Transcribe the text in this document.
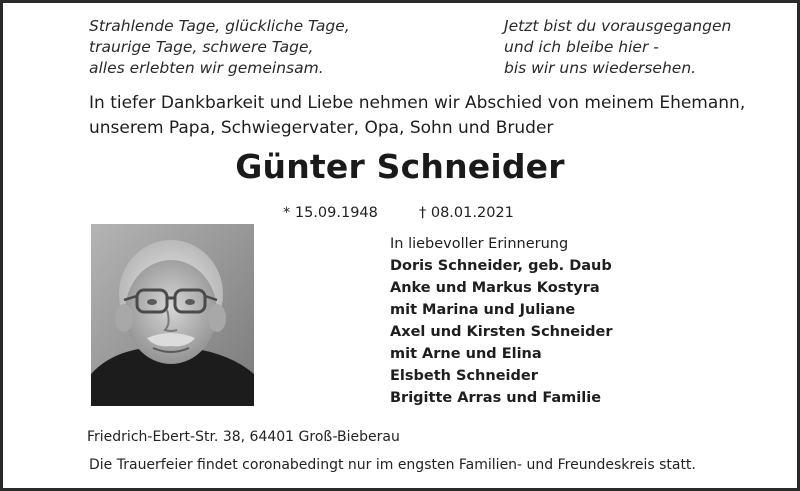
Strahlende Tage, glückliche Tage,
traurige Tage, schwere Tage,
alles erlebten wir gemeinsam.
Jetzt bist du vorausgegangen
und ich bleibe hier -
bis wir uns wiedersehen.
In tiefer Dankbarkeit und Liebe nehmen wir Abschied von meinem Ehemann,
unserem Papa, Schwiegervater, Opa, Sohn und Bruder
Günter Schneider
* 15.09.1948	† 08.01.2021
In liebevoller Erinnerung
Doris Schneider, geb. Daub
Anke und Markus Kostyra
mit Marina und Juliane
Axel und Kirsten Schneider
mit Arne und Elina
Elsbeth Schneider
Brigitte Arras und Familie
Friedrich-Ebert-Str. 38, 64401 Groß-Bieberau
Die Trauerfeier findet coronabedingt nur im engsten Familien- und Freundeskreis statt.
